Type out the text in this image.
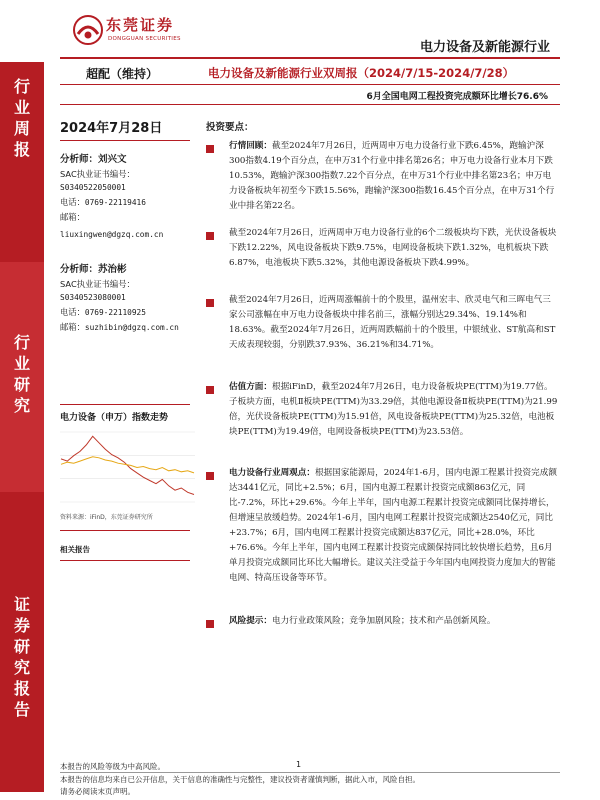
东莞证券
DONGGUAN SECURITIES
电力设备及新能源行业
行
业
周
报
行
业
研
究
证
券
研
究
报
告
超配（维持）	电力设备及新能源行业双周报（2024/7/15-2024/7/28）
6月全国电网工程投资完成额环比增长76.6%
2024年7月28日
分析师：刘兴文
SAC执业证书编号：
S0340522050001
电话：0769-22119416
邮箱：
liuxingwen@dgzq.com.cn
分析师：苏治彬
SAC执业证书编号：
S0340523080001
电话：0769-22110925
邮箱：suzhibin@dgzq.com.cn
电力设备（申万）指数走势
资料来源：iFinD，东莞证券研究所
相关报告
投资要点：
行情回顾：截至2024年7月26日，近两周申万电力设备行业下跌6.45%，跑输沪深300指数4.19个百分点，在申万31个行业中排名第26名；申万电力设备行业本月下跌10.53%，跑输沪深300指数7.22个百分点，在申万31个行业中排名第23名；申万电力设备板块年初至今下跌15.56%，跑输沪深300指数16.45个百分点，在申万31个行业中排名第22名。
截至2024年7月26日，近两周申万电力设备行业的6个二级板块均下跌，光伏设备板块下跌12.22%，风电设备板块下跌9.75%，电网设备板块下跌1.32%，电机板块下跌6.87%，电池板块下跌5.32%，其他电源设备板块下跌4.99%。
截至2024年7月26日，近两周涨幅前十的个股里，温州宏丰、欣灵电气和三晖电气三家公司涨幅在申万电力设备板块中排名前三，涨幅分别达29.34%、19.14%和18.63%。截至2024年7月26日，近两周跌幅前十的个股里，中银绒业、ST航高和ST天成表现较弱，分别跌37.93%、36.21%和34.71%。
估值方面：根据iFinD，截至2024年7月26日，电力设备板块PE(TTM)为19.77倍。子板块方面，电机Ⅱ板块PE(TTM)为33.29倍，其他电源设备Ⅱ板块PE(TTM)为21.99倍，光伏设备板块PE(TTM)为15.91倍，风电设备板块PE(TTM)为25.32倍，电池板块PE(TTM)为19.49倍，电网设备板块PE(TTM)为23.53倍。
电力设备行业周观点：根据国家能源局，2024年1-6月，国内电源工程累计投资完成额达3441亿元，同比+2.5%；6月，国内电源工程累计投资完成额863亿元，同比-7.2%，环比+29.6%。今年上半年，国内电源工程累计投资完成额同比保持增长，但增速呈放缓趋势。2024年1-6月，国内电网工程累计投资完成额达2540亿元，同比+23.7%；6月，国内电网工程累计投资完成额达837亿元，同比+28.0%，环比+76.6%。今年上半年，国内电网工程累计投资完成额保持同比较快增长趋势，且6月单月投资完成额同比环比大幅增长。建议关注受益于今年国内电网投资力度加大的智能电网、特高压设备等环节。
风险提示：电力行业政策风险；竞争加剧风险；技术和产品创新风险。
1
本报告的风险等级为中高风险。
本报告的信息均来自已公开信息，关于信息的准确性与完整性，建议投资者谨慎判断，据此入市，风险自担。
请务必阅读末页声明。
